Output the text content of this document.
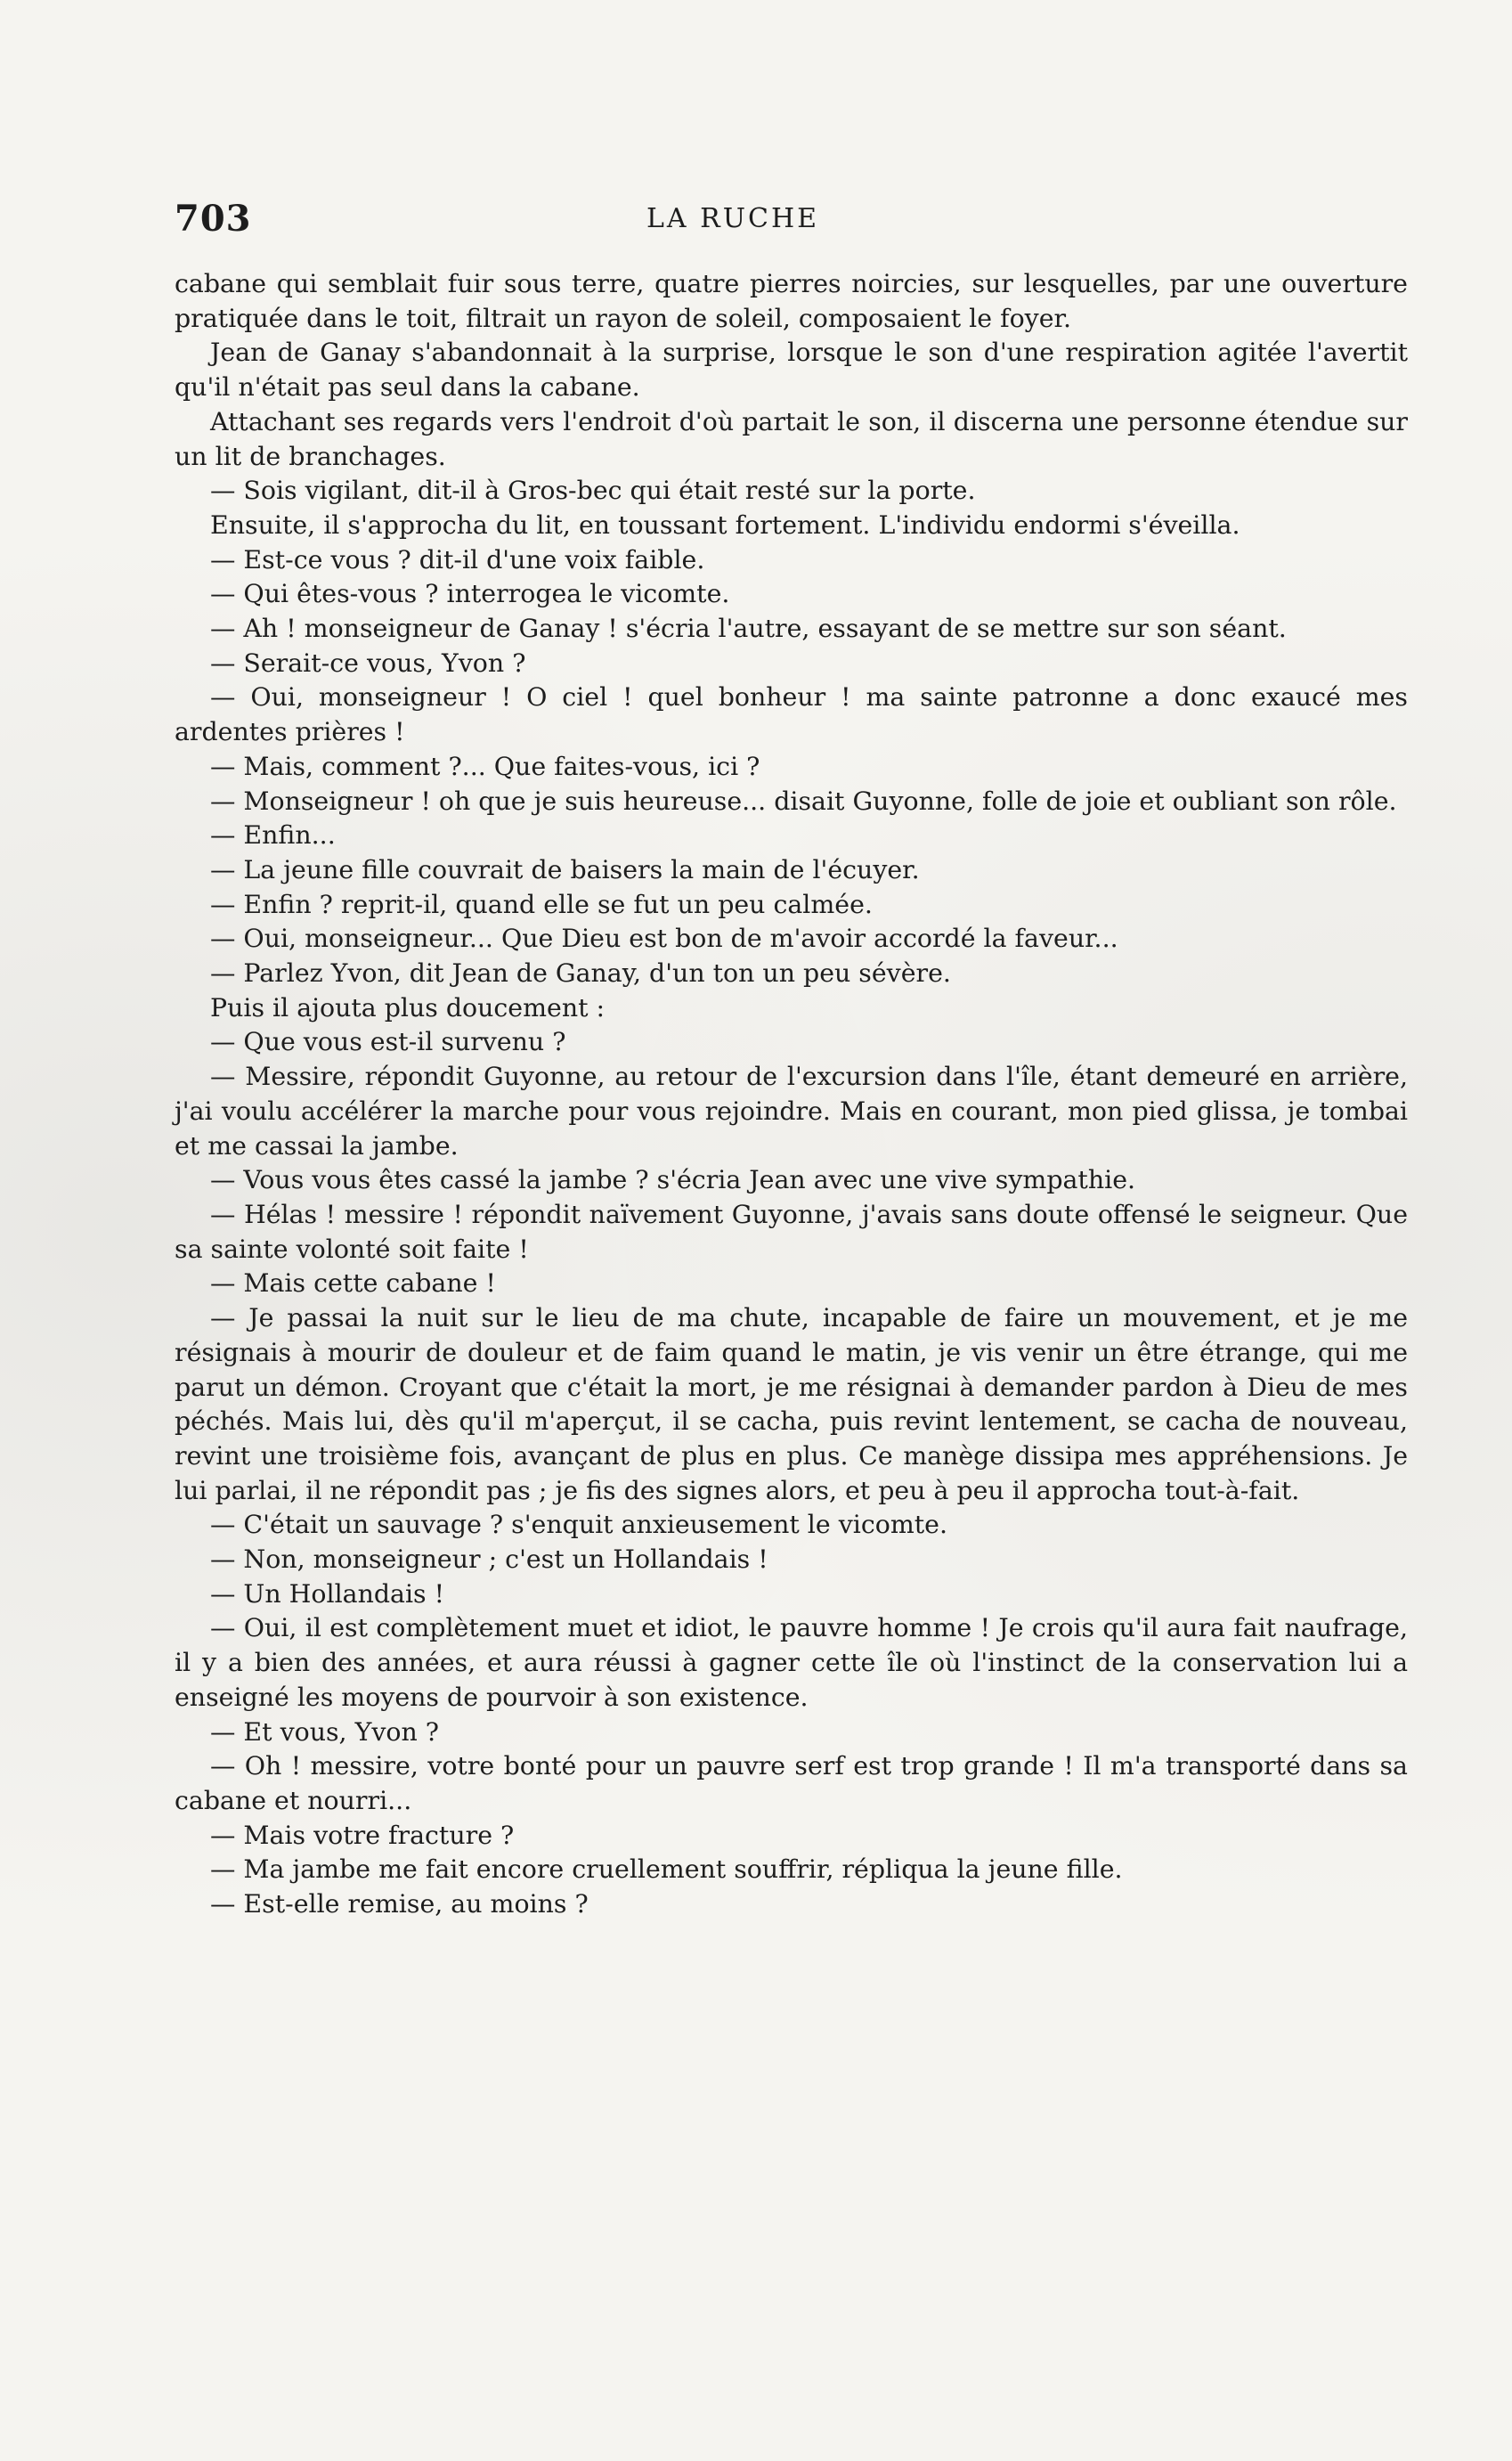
703	LA RUCHE

cabane qui semblait fuir sous terre, quatre pierres noircies, sur lesquelles, par une ouverture pratiquée dans le toit, filtrait un rayon de soleil, composaient le foyer.

Jean de Ganay s'abandonnait à la surprise, lorsque le son d'une respiration agitée l'avertit qu'il n'était pas seul dans la cabane.

Attachant ses regards vers l'endroit d'où partait le son, il discerna une personne étendue sur un lit de branchages.

— Sois vigilant, dit-il à Gros-bec qui était resté sur la porte.

Ensuite, il s'approcha du lit, en toussant fortement. L'individu endormi s'éveilla.

— Est-ce vous ? dit-il d'une voix faible.

— Qui êtes-vous ? interrogea le vicomte.

— Ah ! monseigneur de Ganay ! s'écria l'autre, essayant de se mettre sur son séant.

— Serait-ce vous, Yvon ?

— Oui, monseigneur ! O ciel ! quel bonheur ! ma sainte patronne a donc exaucé mes ardentes prières !

— Mais, comment ?... Que faites-vous, ici ?

— Monseigneur ! oh que je suis heureuse... disait Guyonne, folle de joie et oubliant son rôle.

— Enfin...

— La jeune fille couvrait de baisers la main de l'écuyer.

— Enfin ? reprit-il, quand elle se fut un peu calmée.

— Oui, monseigneur... Que Dieu est bon de m'avoir accordé la faveur...

— Parlez Yvon, dit Jean de Ganay, d'un ton un peu sévère.

Puis il ajouta plus doucement :

— Que vous est-il survenu ?

— Messire, répondit Guyonne, au retour de l'excursion dans l'île, étant demeuré en arrière, j'ai voulu accélérer la marche pour vous rejoindre. Mais en courant, mon pied glissa, je tombai et me cassai la jambe.

— Vous vous êtes cassé la jambe ? s'écria Jean avec une vive sympathie.

— Hélas ! messire ! répondit naïvement Guyonne, j'avais sans doute offensé le seigneur. Que sa sainte volonté soit faite !

— Mais cette cabane !

— Je passai la nuit sur le lieu de ma chute, incapable de faire un mouvement, et je me résignais à mourir de douleur et de faim quand le matin, je vis venir un être étrange, qui me parut un démon. Croyant que c'était la mort, je me résignai à demander pardon à Dieu de mes péchés. Mais lui, dès qu'il m'aperçut, il se cacha, puis revint lentement, se cacha de nouveau, revint une troisième fois, avançant de plus en plus. Ce manège dissipa mes appréhensions. Je lui parlai, il ne répondit pas ; je fis des signes alors, et peu à peu il approcha tout-à-fait.

— C'était un sauvage ? s'enquit anxieusement le vicomte.

— Non, monseigneur ; c'est un Hollandais !

— Un Hollandais !

— Oui, il est complètement muet et idiot, le pauvre homme ! Je crois qu'il aura fait naufrage, il y a bien des années, et aura réussi à gagner cette île où l'instinct de la conservation lui a enseigné les moyens de pourvoir à son existence.

— Et vous, Yvon ?

— Oh ! messire, votre bonté pour un pauvre serf est trop grande ! Il m'a transporté dans sa cabane et nourri...

— Mais votre fracture ?

— Ma jambe me fait encore cruellement souffrir, répliqua la jeune fille.

— Est-elle remise, au moins ?
